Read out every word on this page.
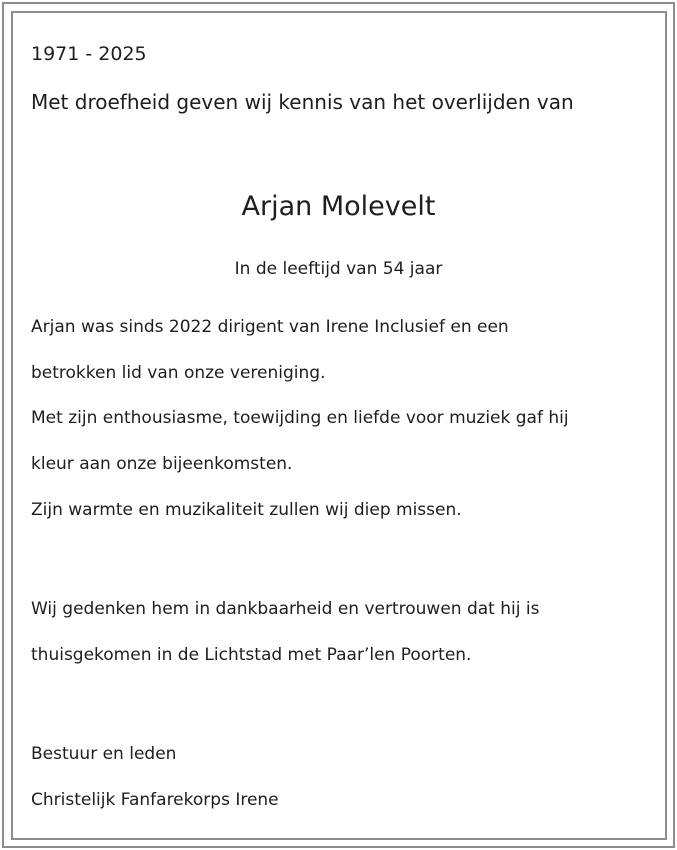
1971 - 2025
Met droefheid geven wij kennis van het overlijden van
Arjan Molevelt
In de leeftijd van 54 jaar
Arjan was sinds 2022 dirigent van Irene Inclusief en een
betrokken lid van onze vereniging.
Met zijn enthousiasme, toewijding en liefde voor muziek gaf hij
kleur aan onze bijeenkomsten.
Zijn warmte en muzikaliteit zullen wij diep missen.
Wij gedenken hem in dankbaarheid en vertrouwen dat hij is
thuisgekomen in de Lichtstad met Paar’len Poorten.
Bestuur en leden
Christelijk Fanfarekorps Irene
